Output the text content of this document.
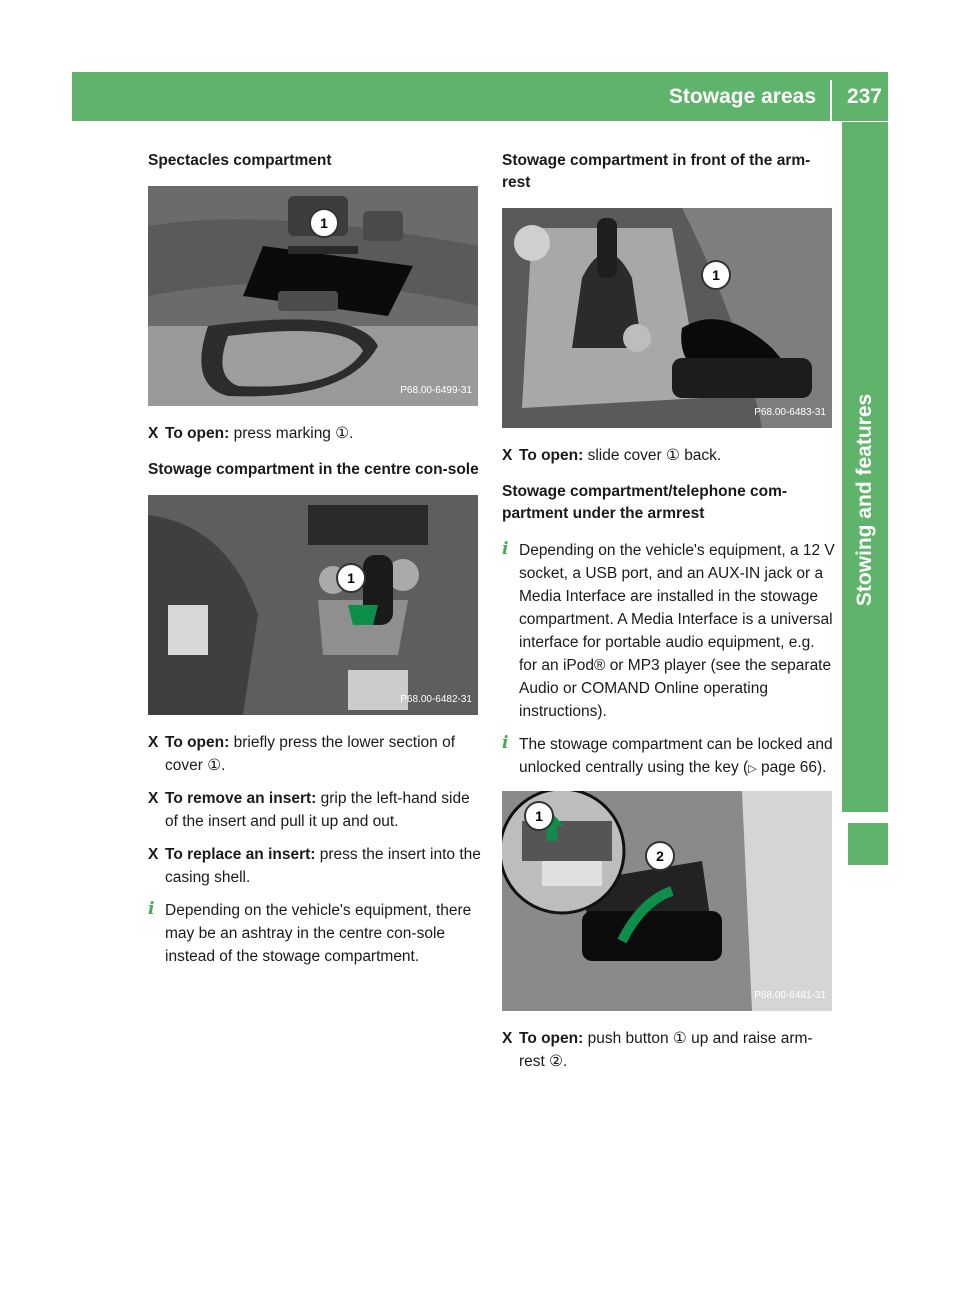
Stowage areas 237
Stowing and features
Spectacles compartment
1
P68.00-6499-31
X To open: press marking ①.
Stowage compartment in the centre con-sole
1
P68.00-6482-31
X To open: briefly press the lower section of cover ①.
X To remove an insert: grip the left-hand side of the insert and pull it up and out.
X To replace an insert: press the insert into the casing shell.
i Depending on the vehicle's equipment, there may be an ashtray in the centre con-sole instead of the stowage compartment.
Stowage compartment in front of the arm-rest
1
P68.00-6483-31
X To open: slide cover ① back.
Stowage compartment/telephone com-partment under the armrest
i Depending on the vehicle's equipment, a 12 V socket, a USB port, and an AUX-IN jack or a Media Interface are installed in the stowage compartment. A Media Interface is a universal interface for portable audio equipment, e.g. for an iPod® or MP3 player (see the separate Audio or COMAND Online operating instructions).
i The stowage compartment can be locked and unlocked centrally using the key (▷ page 66).
1
2
P68.00-6481-31
X To open: push button ① up and raise arm-rest ②.
